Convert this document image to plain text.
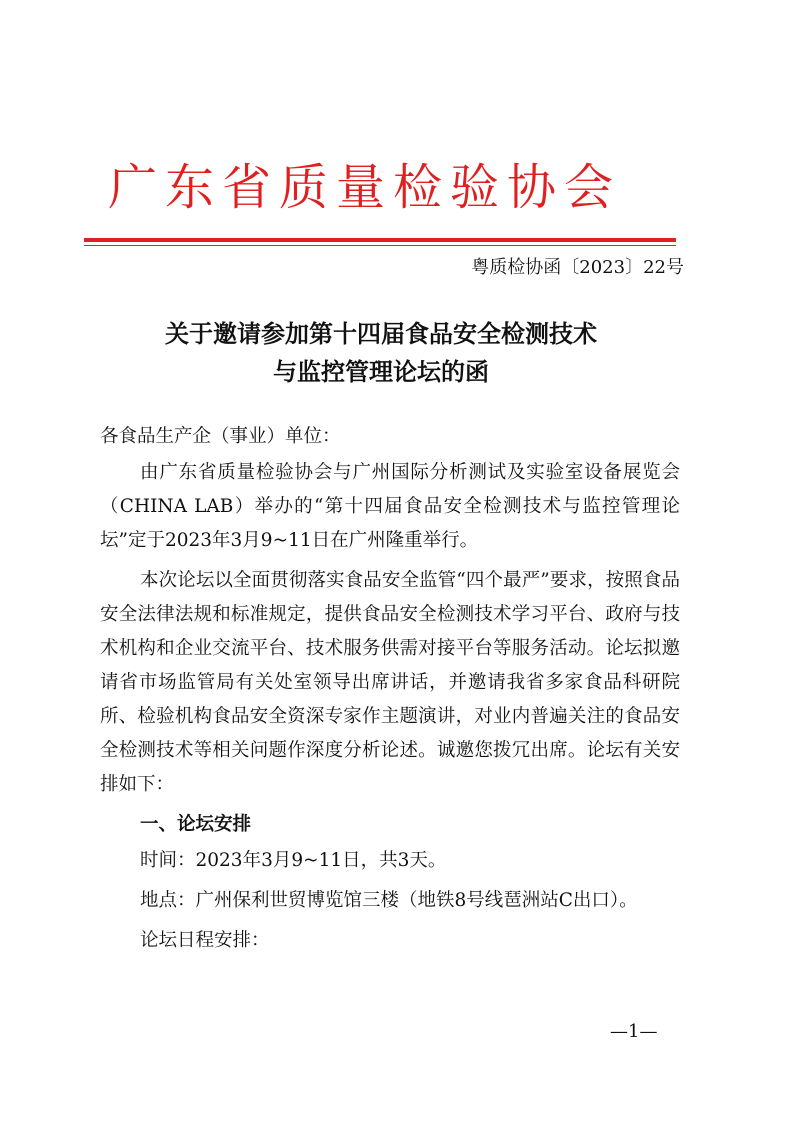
广东省质量检验协会
粤质检协函〔2023〕22号
关于邀请参加第十四届食品安全检测技术
与监控管理论坛的函

各食品生产企（事业）单位：

由广东省质量检验协会与广州国际分析测试及实验室设备展览会（CHINA LAB）举办的“第十四届食品安全检测技术与监控管理论坛”定于2023年3月9~11日在广州隆重举行。

本次论坛以全面贯彻落实食品安全监管“四个最严”要求，按照食品安全法律法规和标准规定，提供食品安全检测技术学习平台、政府与技术机构和企业交流平台、技术服务供需对接平台等服务活动。论坛拟邀请省市场监管局有关处室领导出席讲话，并邀请我省多家食品科研院所、检验机构食品安全资深专家作主题演讲，对业内普遍关注的食品安全检测技术等相关问题作深度分析论述。诚邀您拨冗出席。论坛有关安排如下：

一、论坛安排

时间：2023年3月9~11日，共3天。

地点：广州保利世贸博览馆三楼（地铁8号线琶洲站C出口）。

论坛日程安排：

—1—
